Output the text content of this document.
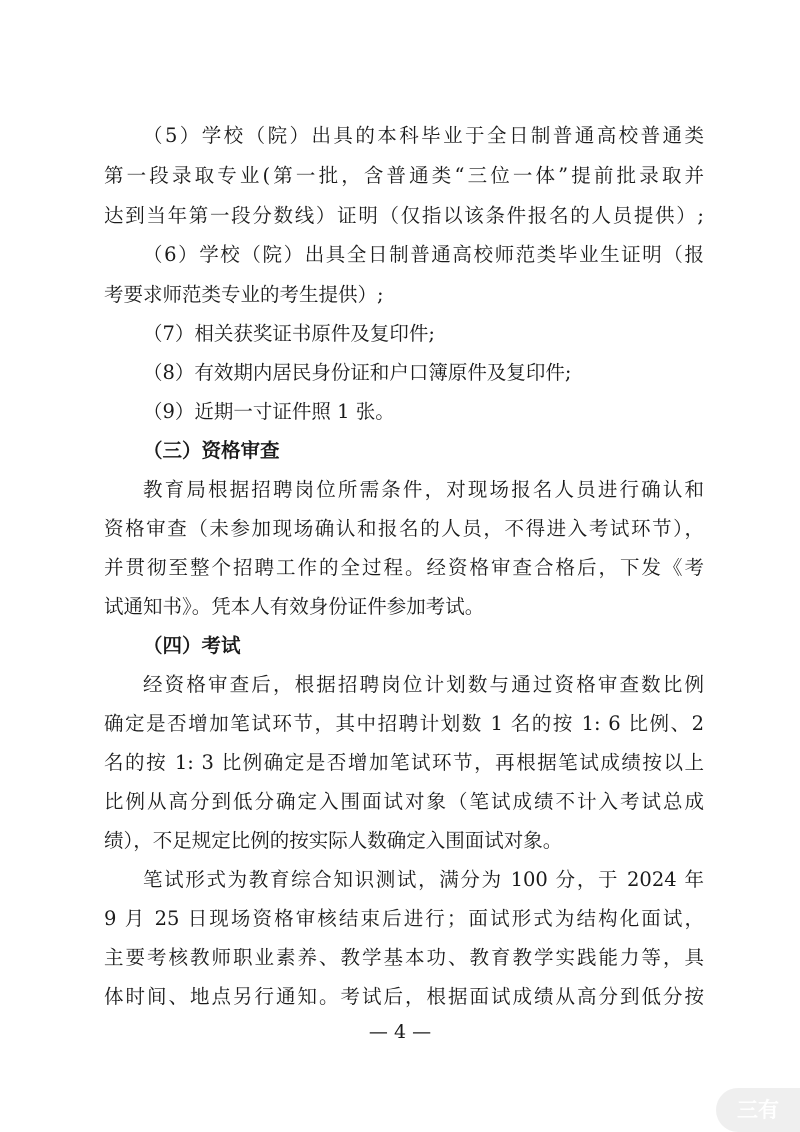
（5）学校（院）出具的本科毕业于全日制普通高校普通类
第一段录取专业(第一批，含普通类“三位一体”提前批录取并
达到当年第一段分数线）证明（仅指以该条件报名的人员提供）;
（6）学校（院）出具全日制普通高校师范类毕业生证明（报
考要求师范类专业的考生提供）;
（7）相关获奖证书原件及复印件;
（8）有效期内居民身份证和户口簿原件及复印件;
（9）近期一寸证件照 1 张。
（三）资格审查
教育局根据招聘岗位所需条件，对现场报名人员进行确认和
资格审查（未参加现场确认和报名的人员，不得进入考试环节），
并贯彻至整个招聘工作的全过程。经资格审查合格后，下发《考
试通知书》。凭本人有效身份证件参加考试。
（四）考试
经资格审查后，根据招聘岗位计划数与通过资格审查数比例
确定是否增加笔试环节，其中招聘计划数 1 名的按 1: 6 比例、2
名的按 1: 3 比例确定是否增加笔试环节，再根据笔试成绩按以上
比例从高分到低分确定入围面试对象（笔试成绩不计入考试总成
绩），不足规定比例的按实际人数确定入围面试对象。
笔试形式为教育综合知识测试，满分为 100 分，于 2024 年
9 月 25 日现场资格审核结束后进行；面试形式为结构化面试，
主要考核教师职业素养、教学基本功、教育教学实践能力等，具
体时间、地点另行通知。考试后，根据面试成绩从高分到低分按
— 4 —
三有
